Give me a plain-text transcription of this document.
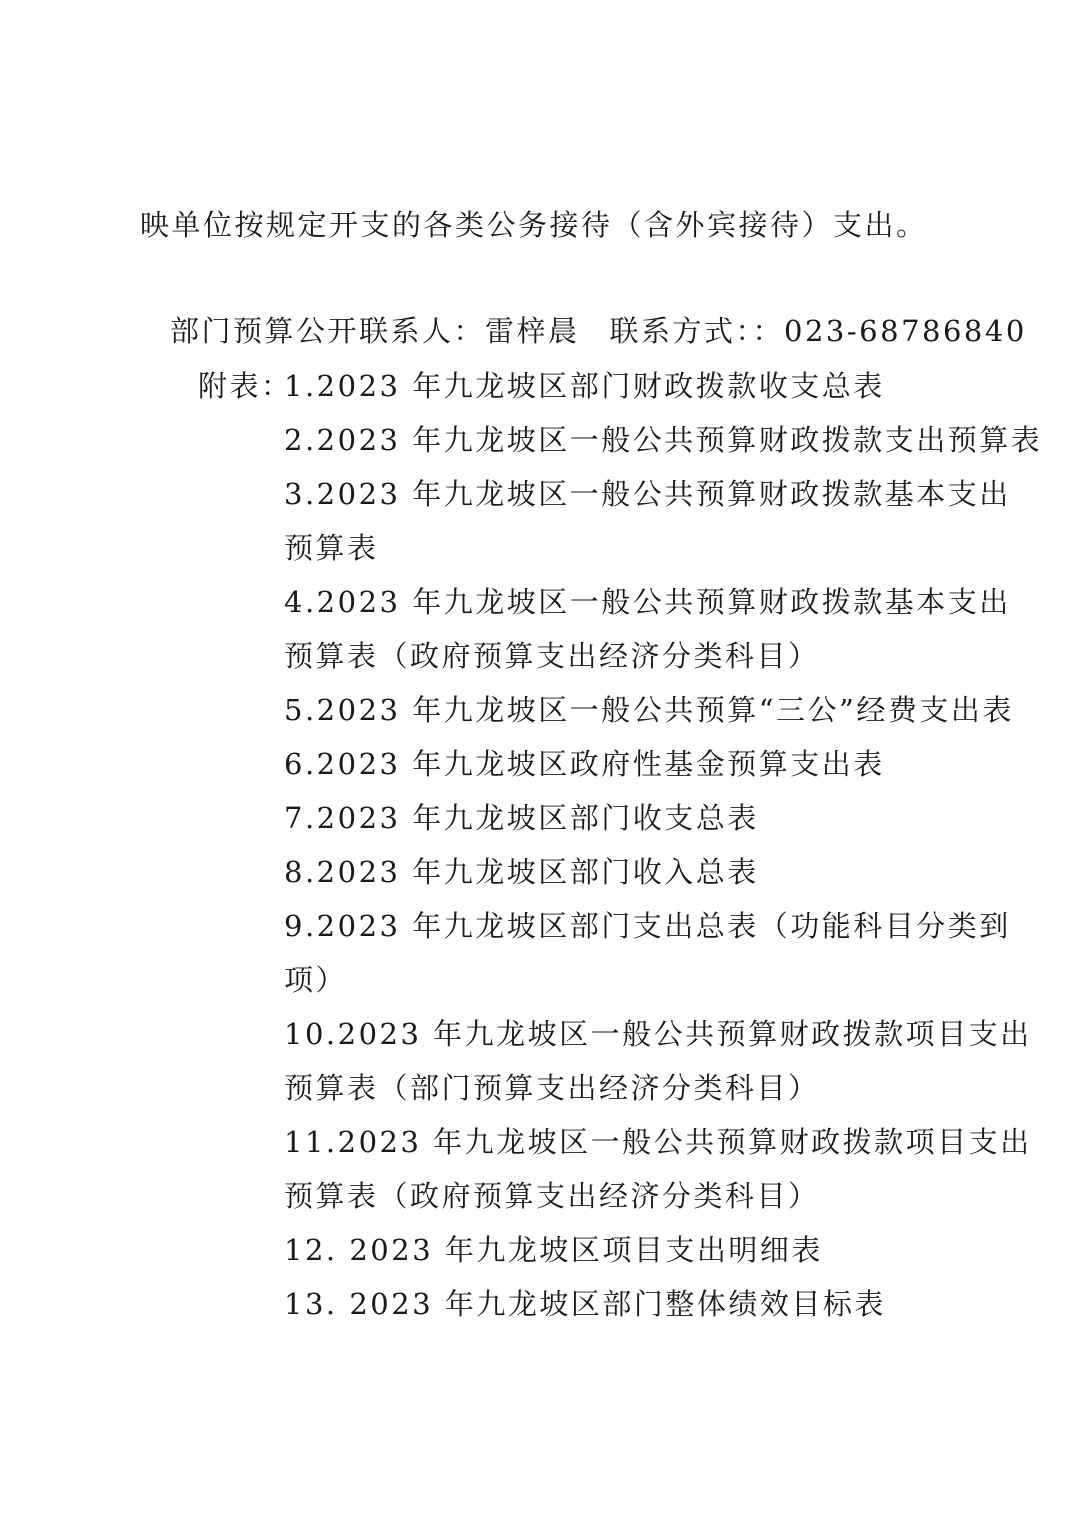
映单位按规定开支的各类公务接待（含外宾接待）支出。
部门预算公开联系人：雷梓晨 联系方式：：023-68786840
附表：
1.2023 年九龙坡区部门财政拨款收支总表
2.2023 年九龙坡区一般公共预算财政拨款支出预算表
3.2023 年九龙坡区一般公共预算财政拨款基本支出
预算表
4.2023 年九龙坡区一般公共预算财政拨款基本支出
预算表（政府预算支出经济分类科目）
5.2023 年九龙坡区一般公共预算“三公”经费支出表
6.2023 年九龙坡区政府性基金预算支出表
7.2023 年九龙坡区部门收支总表
8.2023 年九龙坡区部门收入总表
9.2023 年九龙坡区部门支出总表（功能科目分类到
项）
10.2023 年九龙坡区一般公共预算财政拨款项目支出
预算表（部门预算支出经济分类科目）
11.2023 年九龙坡区一般公共预算财政拨款项目支出
预算表（政府预算支出经济分类科目）
12. 2023 年九龙坡区项目支出明细表
13. 2023 年九龙坡区部门整体绩效目标表
